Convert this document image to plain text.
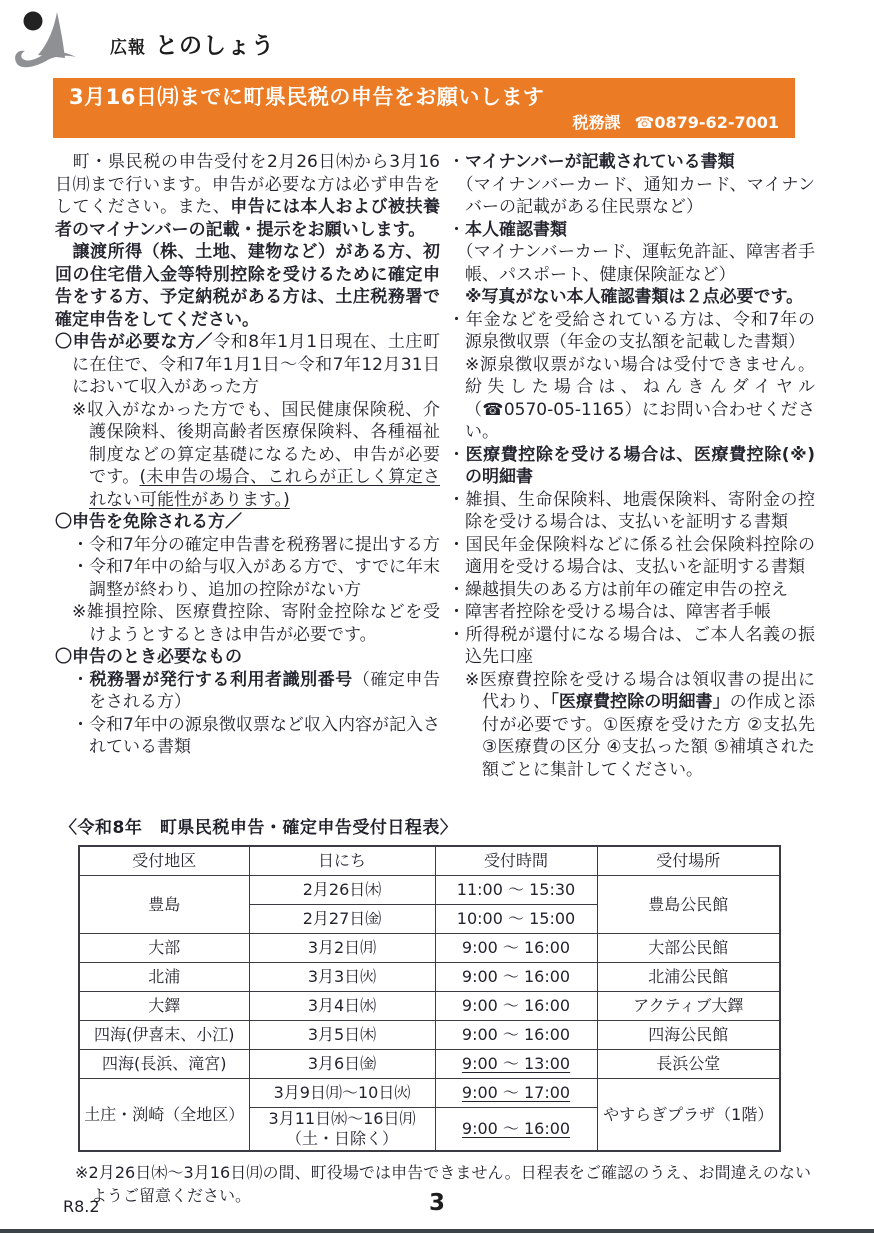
広報 とのしょう
3月16日㈪までに町県民税の申告をお願いします
税務課 ☎0879-62-7001
　町・県民税の申告受付を2月26日㈭から3月16日㈪まで行います。申告が必要な方は必ず申告をしてください。また、申告には本人および被扶養者のマイナンバーの記載・提示をお願いします。
　譲渡所得（株、土地、建物など）がある方、初回の住宅借入金等特別控除を受けるために確定申告をする方、予定納税がある方は、土庄税務署で確定申告をしてください。
〇申告が必要な方／令和8年1月1日現在、土庄町に在住で、令和7年1月1日〜令和7年12月31日において収入があった方
※収入がなかった方でも、国民健康保険税、介護保険料、後期高齢者医療保険料、各種福祉制度などの算定基礎になるため、申告が必要です。(未申告の場合、これらが正しく算定されない可能性があります。)
〇申告を免除される方／
・令和7年分の確定申告書を税務署に提出する方
・令和7年中の給与収入がある方で、すでに年末調整が終わり、追加の控除がない方
※雑損控除、医療費控除、寄附金控除などを受けようとするときは申告が必要です。
〇申告のとき必要なもの
・税務署が発行する利用者識別番号（確定申告をされる方）
・令和7年中の源泉徴収票など収入内容が記入されている書類
・マイナンバーが記載されている書類
（マイナンバーカード、通知カード、マイナンバーの記載がある住民票など）
・本人確認書類
（マイナンバーカード、運転免許証、障害者手帳、パスポート、健康保険証など）
※写真がない本人確認書類は２点必要です。
・年金などを受給されている方は、令和7年の源泉徴収票（年金の支払額を記載した書類）
※源泉徴収票がない場合は受付できません。紛失した場合は、ねんきんダイヤル（☎0570-05-1165）にお問い合わせください。
・医療費控除を受ける場合は、医療費控除(※)の明細書
・雑損、生命保険料、地震保険料、寄附金の控除を受ける場合は、支払いを証明する書類
・国民年金保険料などに係る社会保険料控除の適用を受ける場合は、支払いを証明する書類
・繰越損失のある方は前年の確定申告の控え
・障害者控除を受ける場合は、障害者手帳
・所得税が還付になる場合は、ご本人名義の振込先口座
※医療費控除を受ける場合は領収書の提出に代わり、「医療費控除の明細書」の作成と添付が必要です。①医療を受けた方 ②支払先 ③医療費の区分 ④支払った額 ⑤補填された額ごとに集計してください。
〈令和8年　町県民税申告・確定申告受付日程表〉
受付地区	日にち	受付時間	受付場所
豊島	2月26日㈭	11:00 〜 15:30	豊島公民館
	2月27日㈮	10:00 〜 15:00	
大部	3月2日㈪	9:00 〜 16:00	大部公民館
北浦	3月3日㈫	9:00 〜 16:00	北浦公民館
大鐸	3月4日㈬	9:00 〜 16:00	アクティブ大鐸
四海(伊喜末、小江)	3月5日㈭	9:00 〜 16:00	四海公民館
四海(長浜、滝宮)	3月6日㈮	9:00 〜 13:00	長浜公堂
土庄・渕崎（全地区）	3月9日㈪〜10日㈫	9:00 〜 17:00	やすらぎプラザ（1階）
	3月11日㈬〜16日㈪
（土・日除く）	9:00 〜 16:00	
※2月26日㈭〜3月16日㈪の間、町役場では申告できません。日程表をご確認のうえ、お間違えのないようご留意ください。
R8.2	3
